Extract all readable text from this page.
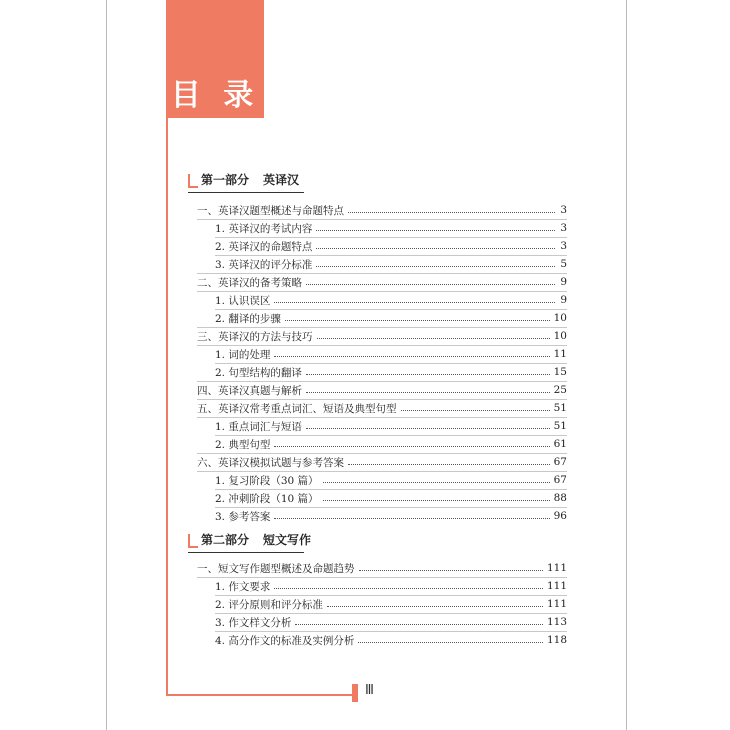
目 录
Ⅲ
第一部分 英译汉
一、英译汉题型概述与命题特点	3
1. 英译汉的考试内容	3
2. 英译汉的命题特点	3
3. 英译汉的评分标准	5
二、英译汉的备考策略	9
1. 认识误区	9
2. 翻译的步骤	10
三、英译汉的方法与技巧	10
1. 词的处理	11
2. 句型结构的翻译	15
四、英译汉真题与解析	25
五、英译汉常考重点词汇、短语及典型句型	51
1. 重点词汇与短语	51
2. 典型句型	61
六、英译汉模拟试题与参考答案	67
1. 复习阶段（30 篇）	67
2. 冲刺阶段（10 篇）	88
3. 参考答案	96
第二部分 短文写作
一、短文写作题型概述及命题趋势	111
1. 作文要求	111
2. 评分原则和评分标准	111
3. 作文样文分析	113
4. 高分作文的标准及实例分析	118
